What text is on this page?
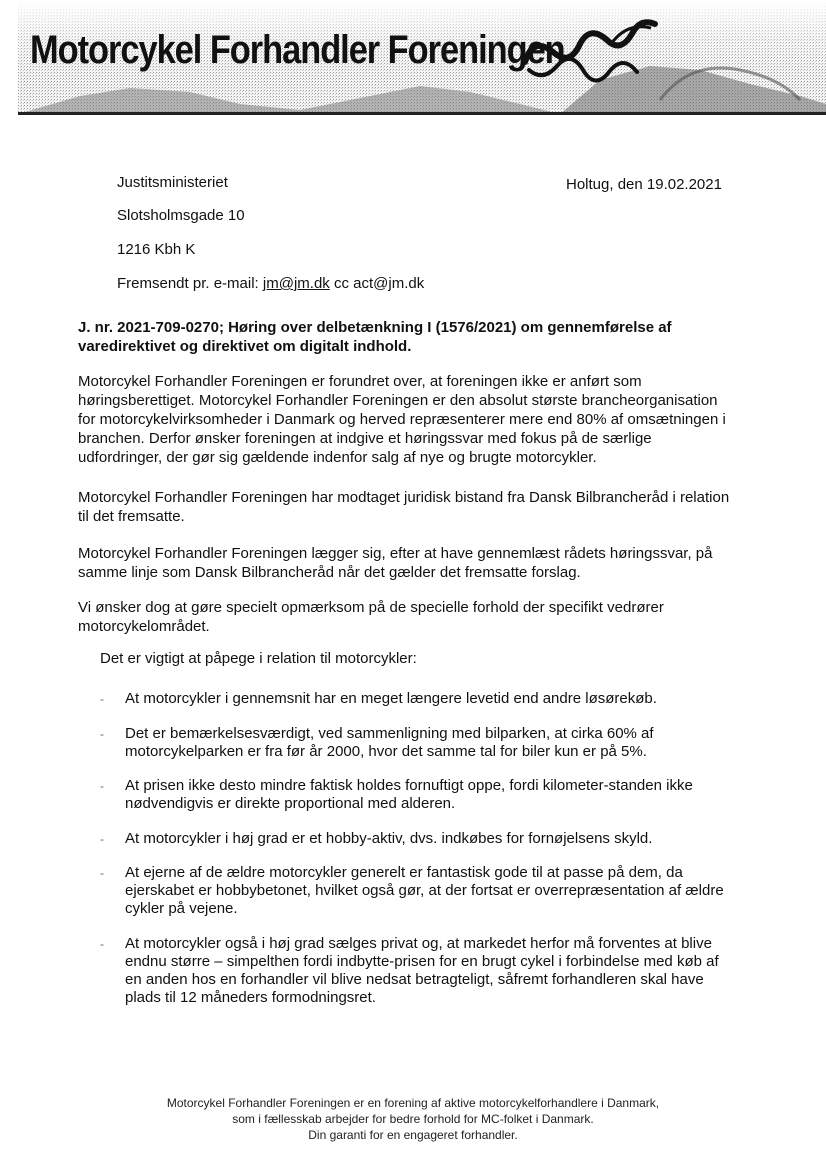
Motorcykel Forhandler Foreningen
Justitsministeriet
Slotsholmsgade 10
1216 Kbh K
Fremsendt pr. e-mail: jm@jm.dk cc act@jm.dk
Holtug, den 19.02.2021
J. nr. 2021-709-0270; Høring over delbetænkning I (1576/2021) om gennemførelse af varedirektivet og direktivet om digitalt indhold.

Motorcykel Forhandler Foreningen er forundret over, at foreningen ikke er anført som høringsberettiget. Motorcykel Forhandler Foreningen er den absolut største brancheorganisation for motorcykelvirksomheder i Danmark og herved repræsenterer mere end 80% af omsætningen i branchen. Derfor ønsker foreningen at indgive et høringssvar med fokus på de særlige udfordringer, der gør sig gældende indenfor salg af nye og brugte motorcykler.

Motorcykel Forhandler Foreningen har modtaget juridisk bistand fra Dansk Bilbrancheråd i relation til det fremsatte.

Motorcykel Forhandler Foreningen lægger sig, efter at have gennemlæst rådets høringssvar, på samme linje som Dansk Bilbrancheråd når det gælder det fremsatte forslag.

Vi ønsker dog at gøre specielt opmærksom på de specielle forhold der specifikt vedrører motorcykelområdet.

Det er vigtigt at påpege i relation til motorcykler:
- At motorcykler i gennemsnit har en meget længere levetid end andre løsørekøb.
- Det er bemærkelsesværdigt, ved sammenligning med bilparken, at cirka 60% af motorcykelparken er fra før år 2000, hvor det samme tal for biler kun er på 5%.
- At prisen ikke desto mindre faktisk holdes fornuftigt oppe, fordi kilometer-standen ikke nødvendigvis er direkte proportional med alderen.
- At motorcykler i høj grad er et hobby-aktiv, dvs. indkøbes for fornøjelsens skyld.
- At ejerne af de ældre motorcykler generelt er fantastisk gode til at passe på dem, da ejerskabet er hobbybetonet, hvilket også gør, at der fortsat er overrepræsentation af ældre cykler på vejene.
- At motorcykler også i høj grad sælges privat og, at markedet herfor må forventes at blive endnu større – simpelthen fordi indbytte-prisen for en brugt cykel i forbindelse med køb af en anden hos en forhandler vil blive nedsat betragteligt, såfremt forhandleren skal have plads til 12 måneders formodningsret.
Motorcykel Forhandler Foreningen er en forening af aktive motorcykelforhandlere i Danmark,
som i fællesskab arbejder for bedre forhold for MC-folket i Danmark.
Din garanti for en engageret forhandler.
